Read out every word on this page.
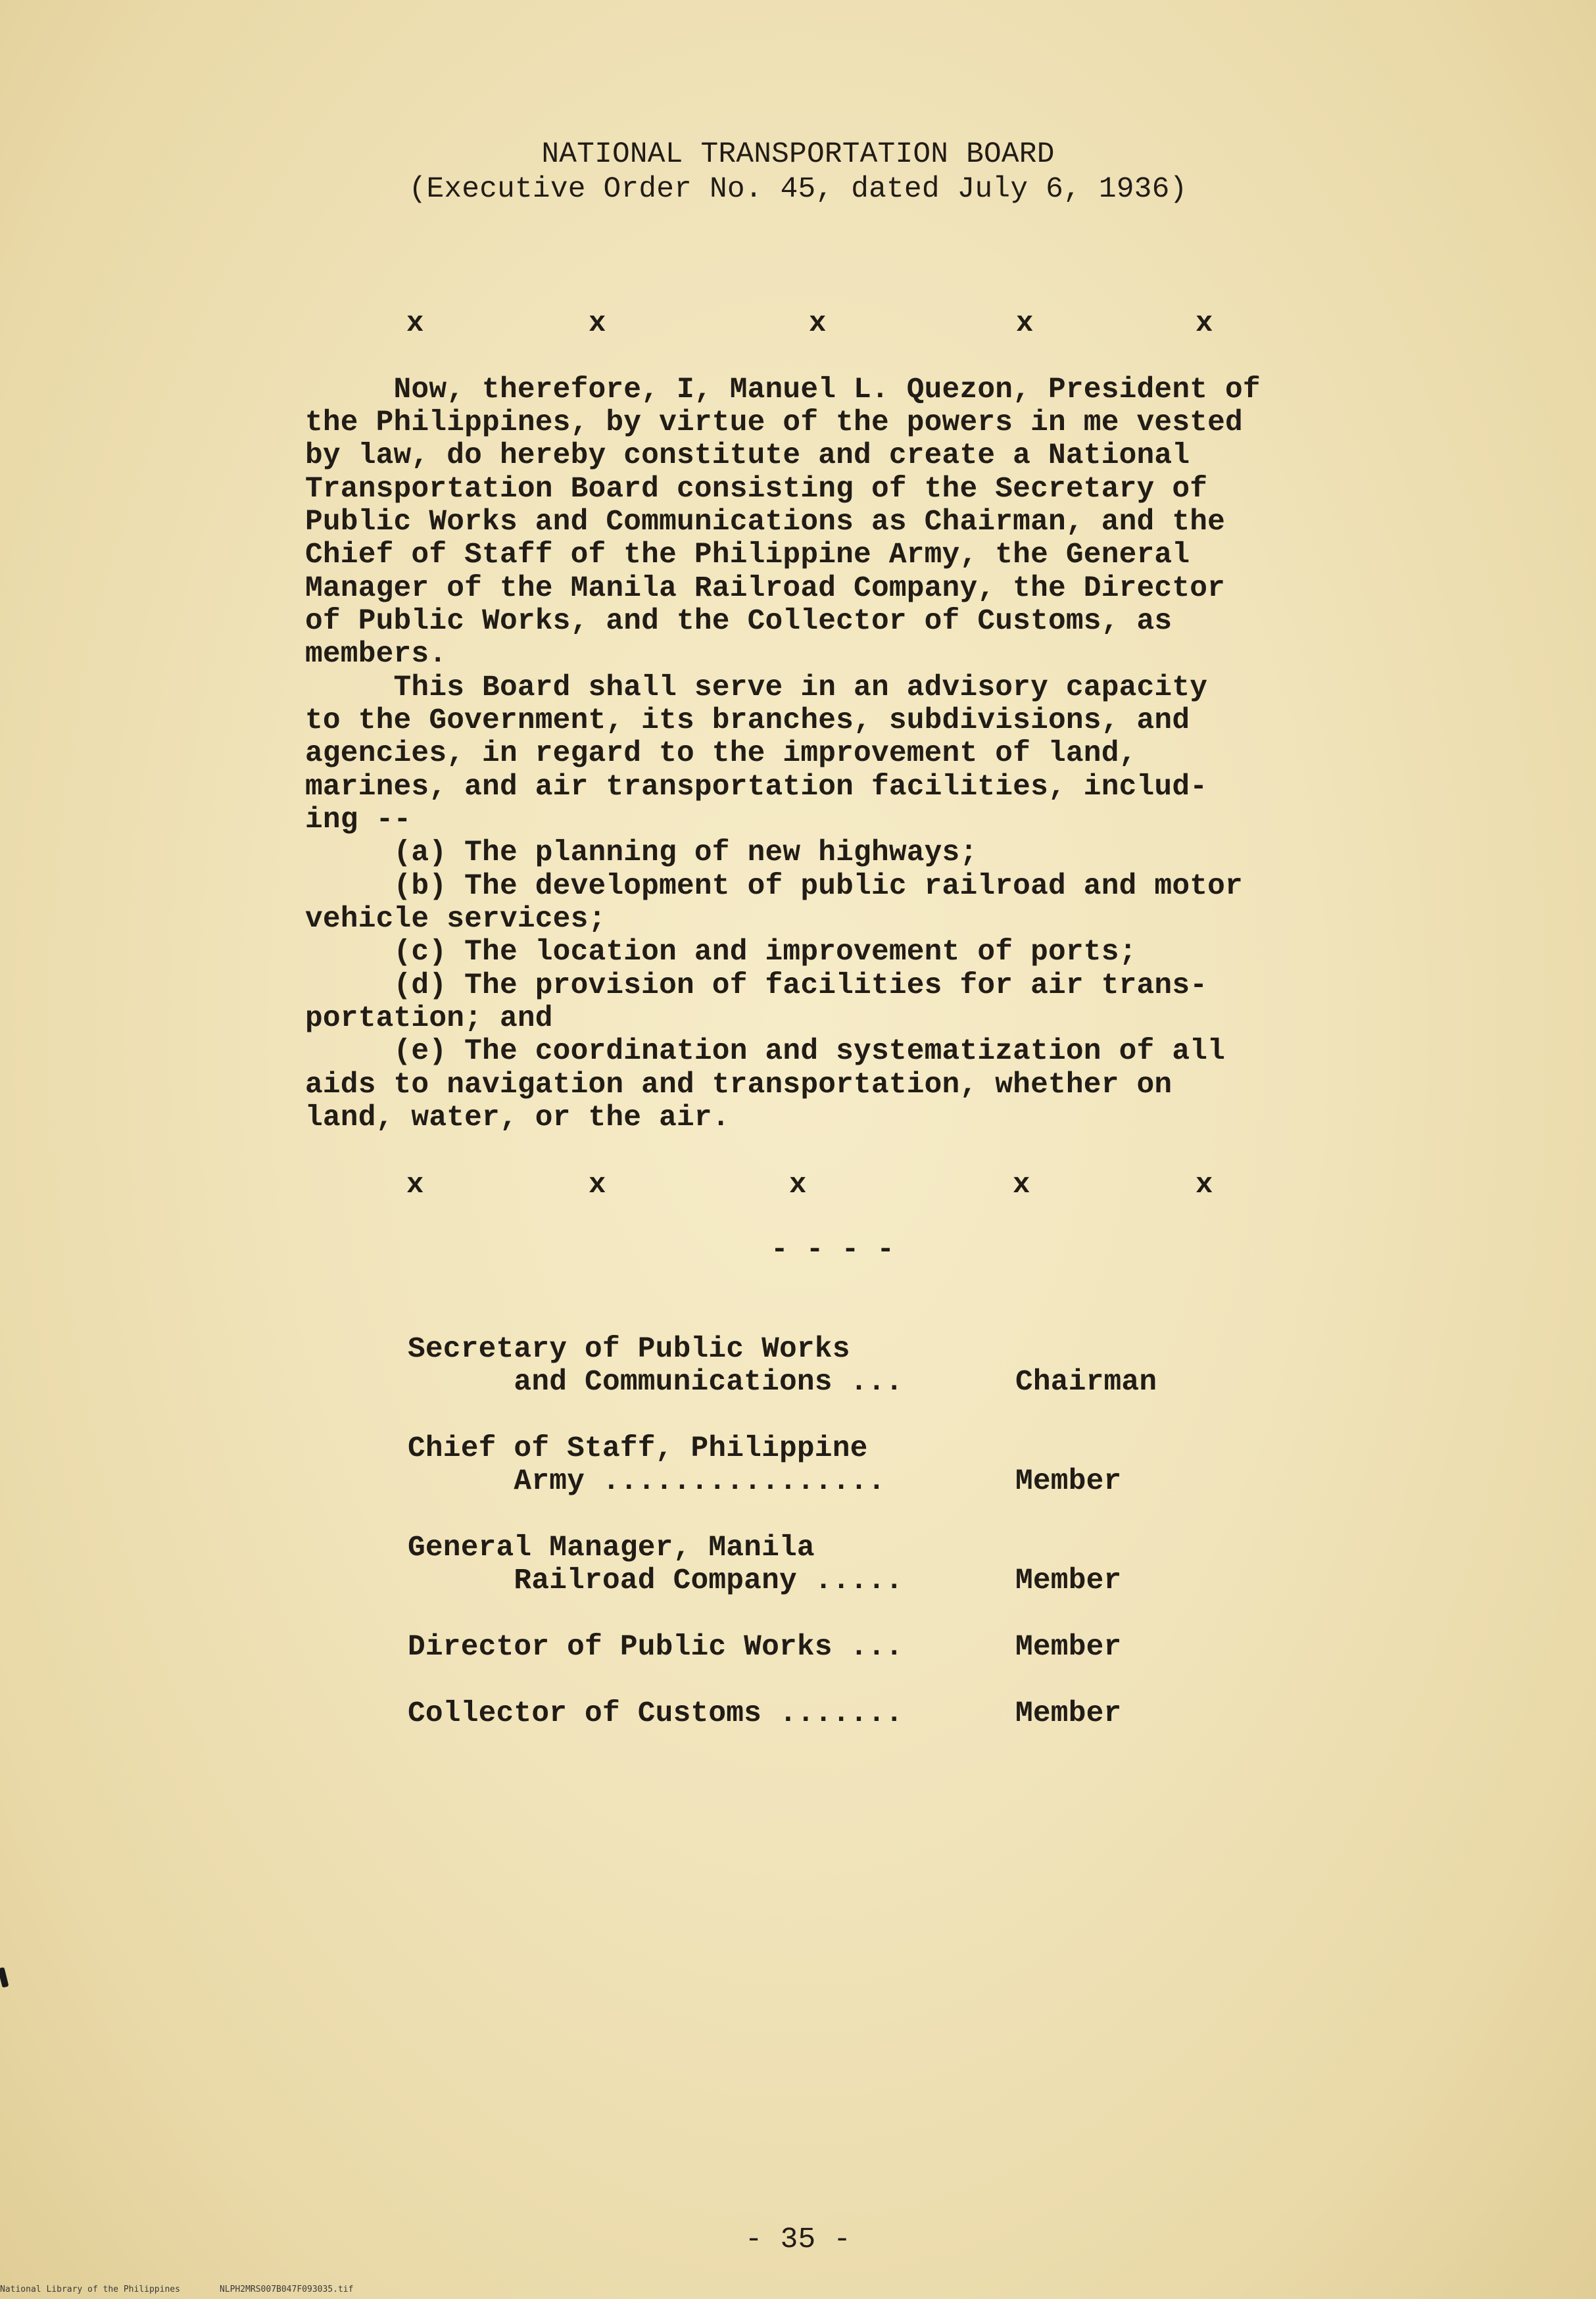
NATIONAL TRANSPORTATION BOARD
(Executive Order No. 45, dated July 6, 1936)
x	x	x	x	x
Now, therefore, I, Manuel L. Quezon, President of
the Philippines, by virtue of the powers in me vested
by law, do hereby constitute and create a National
Transportation Board consisting of the Secretary of
Public Works and Communications as Chairman, and the
Chief of Staff of the Philippine Army, the General
Manager of the Manila Railroad Company, the Director
of Public Works, and the Collector of Customs, as
members.
This Board shall serve in an advisory capacity
to the Government, its branches, subdivisions, and
agencies, in regard to the improvement of land,
marines, and air transportation facilities, includ-
ing --
(a) The planning of new highways;
(b) The development of public railroad and motor
vehicle services;
(c) The location and improvement of ports;
(d) The provision of facilities for air trans-
portation; and
(e) The coordination and systematization of all
aids to navigation and transportation, whether on
land, water, or the air.
x	x	x	x	x
- - - -
Secretary of Public Works
and Communications ...	Chairman
Chief of Staff, Philippine
Army ................	Member
General Manager, Manila
Railroad Company .....	Member
Director of Public Works ...	Member
Collector of Customs .......	Member
- 35 -
National Library of the Philippines	NLPH2MRS007B047F093035.tif
